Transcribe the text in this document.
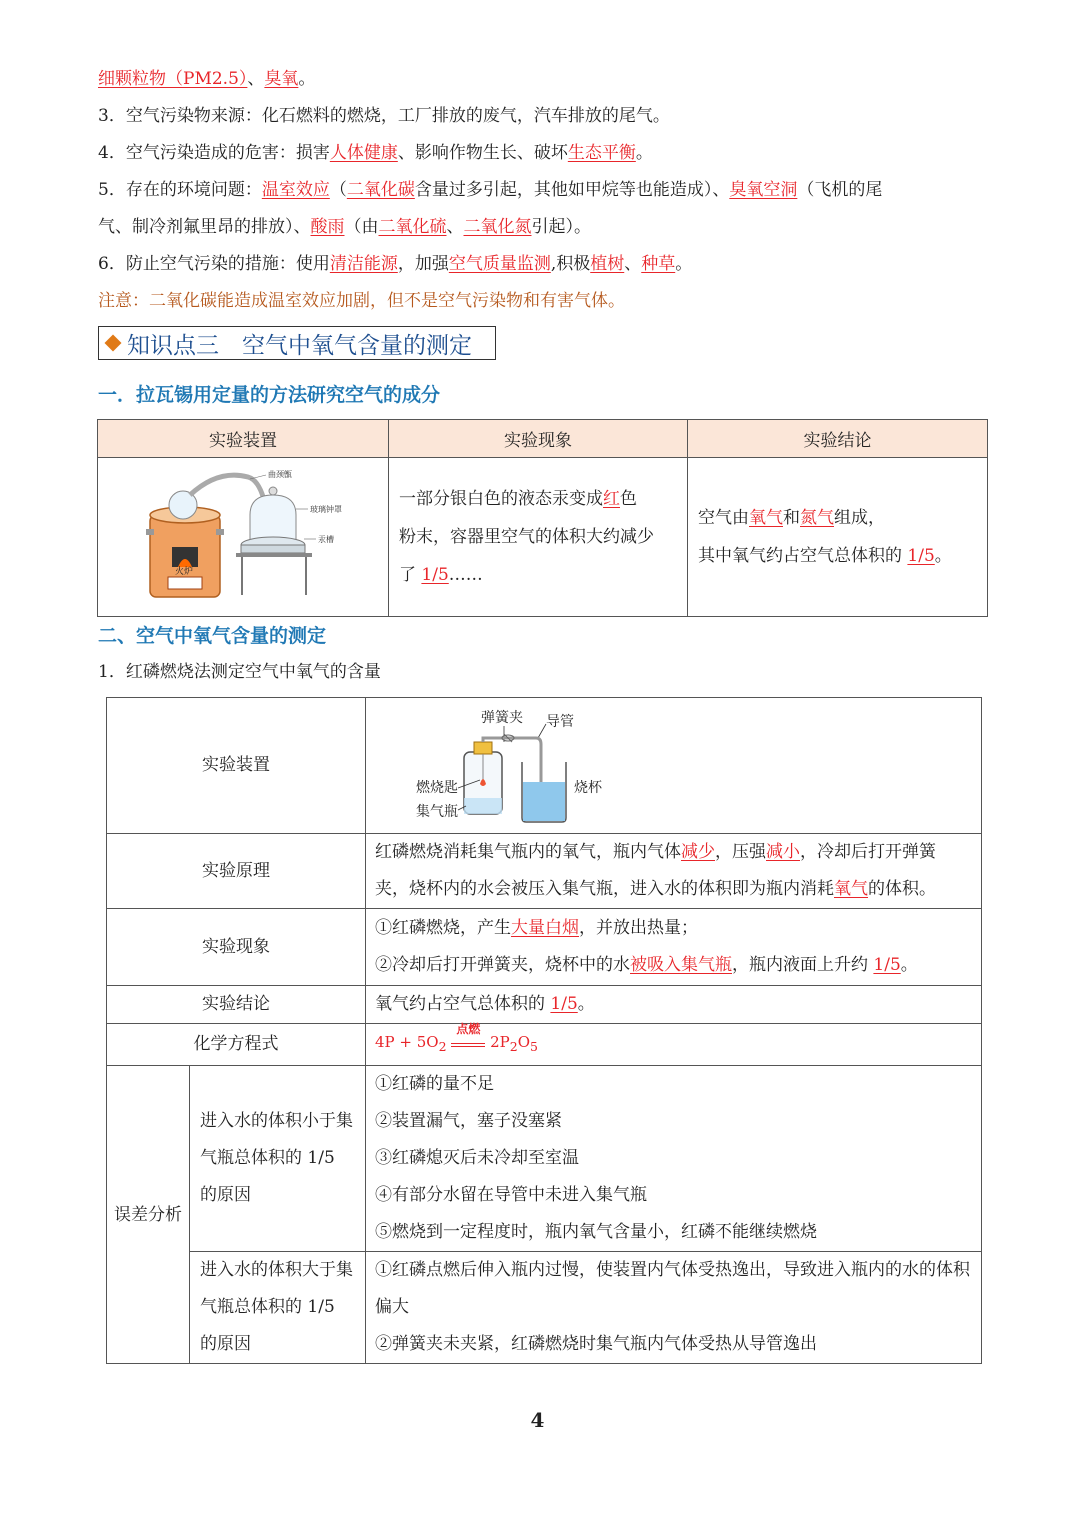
细颗粒物（PM2.5）、臭氧。
3．空气污染物来源：化石燃料的燃烧，工厂排放的废气，汽车排放的尾气。
4．空气污染造成的危害：损害人体健康、影响作物生长、破坏生态平衡。
5．存在的环境问题：温室效应（二氧化碳含量过多引起，其他如甲烷等也能造成）、臭氧空洞（飞机的尾
气、制冷剂氟里昂的排放）、酸雨（由二氧化硫、二氧化氮引起）。
6．防止空气污染的措施：使用清洁能源，加强空气质量监测,积极植树、种草。
注意：二氧化碳能造成温室效应加剧，但不是空气污染物和有害气体。
知识点三　空气中氧气含量的测定
一．拉瓦锡用定量的方法研究空气的成分
实验装置	实验现象	实验结论

火炉
曲颈甑
玻璃钟罩
汞槽	一部分银白色的液态汞变成红色
粉末，容器里空气的体积大约减少
了 1/5……	空气由氧气和氮气组成，
其中氧气约占空气总体积的 1/5。
二、空气中氧气含量的测定
1．红磷燃烧法测定空气中氧气的含量
实验装置		弹簧夹 导管
烧杯
燃烧匙
集气瓶

实验原理		红磷燃烧消耗集气瓶内的氧气，瓶内气体减少，压强减小，冷却后打开弹簧
夹，烧杯内的水会被压入集气瓶，进入水的体积即为瓶内消耗氧气的体积。
实验现象		①红磷燃烧，产生大量白烟，并放出热量；
②冷却后打开弹簧夹，烧杯中的水被吸入集气瓶，瓶内液面上升约 1/5。
实验结论		氧气约占空气总体积的 1/5。
化学方程式		$4P + 5O_2$
点燃
$2P_2O_5$
误差分析	进入水的体积小于集气瓶总体积的 1/5 的原因	①红磷的量不足
②装置漏气，塞子没塞紧
③红磷熄灭后未冷却至室温
④有部分水留在导管中未进入集气瓶
⑤燃烧到一定程度时，瓶内氧气含量小，红磷不能继续燃烧

	进入水的体积大于集气瓶总体积的 1/5 的原因	①红磷点燃后伸入瓶内过慢，使装置内气体受热逸出，导致进入瓶内的水的体积偏大
②弹簧夹未夹紧，红磷燃烧时集气瓶内气体受热从导管逸出
4
